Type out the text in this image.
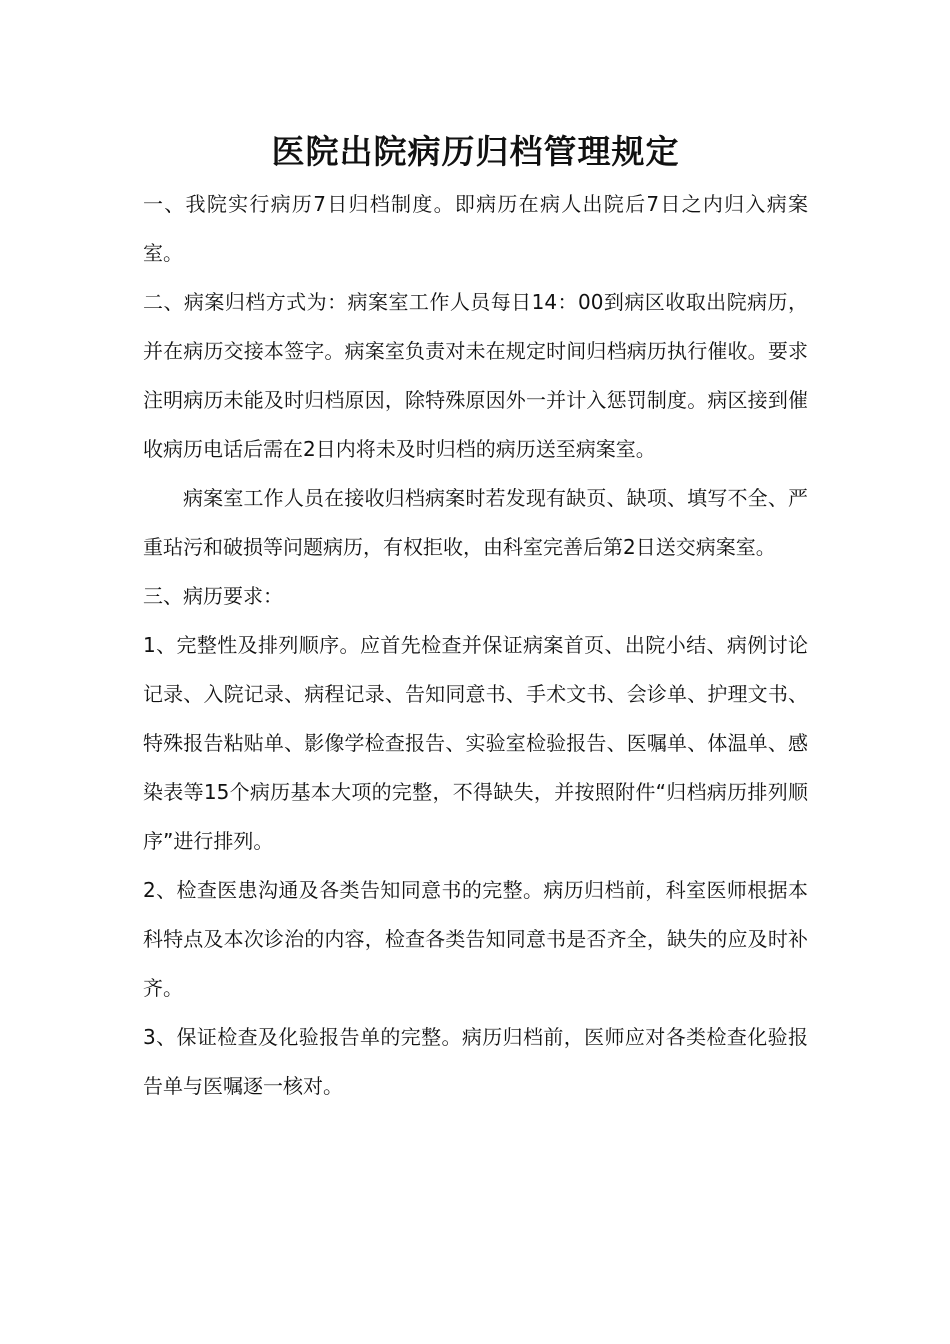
医院出院病历归档管理规定

一、我院实行病历7日归档制度。即病历在病人出院后7日之内归入病案室。

二、病案归档方式为：病案室工作人员每日14：00到病区收取出院病历，并在病历交接本签字。病案室负责对未在规定时间归档病历执行催收。要求注明病历未能及时归档原因，除特殊原因外一并计入惩罚制度。病区接到催收病历电话后需在2日内将未及时归档的病历送至病案室。

病案室工作人员在接收归档病案时若发现有缺页、缺项、填写不全、严重玷污和破损等问题病历，有权拒收，由科室完善后第2日送交病案室。

三、病历要求：

1、完整性及排列顺序。应首先检查并保证病案首页、出院小结、病例讨论记录、入院记录、病程记录、告知同意书、手术文书、会诊单、护理文书、特殊报告粘贴单、影像学检查报告、实验室检验报告、医嘱单、体温单、感染表等15个病历基本大项的完整，不得缺失，并按照附件“归档病历排列顺序”进行排列。

2、检查医患沟通及各类告知同意书的完整。病历归档前，科室医师根据本科特点及本次诊治的内容，检查各类告知同意书是否齐全，缺失的应及时补齐。

3、保证检查及化验报告单的完整。病历归档前，医师应对各类检查化验报告单与医嘱逐一核对。
